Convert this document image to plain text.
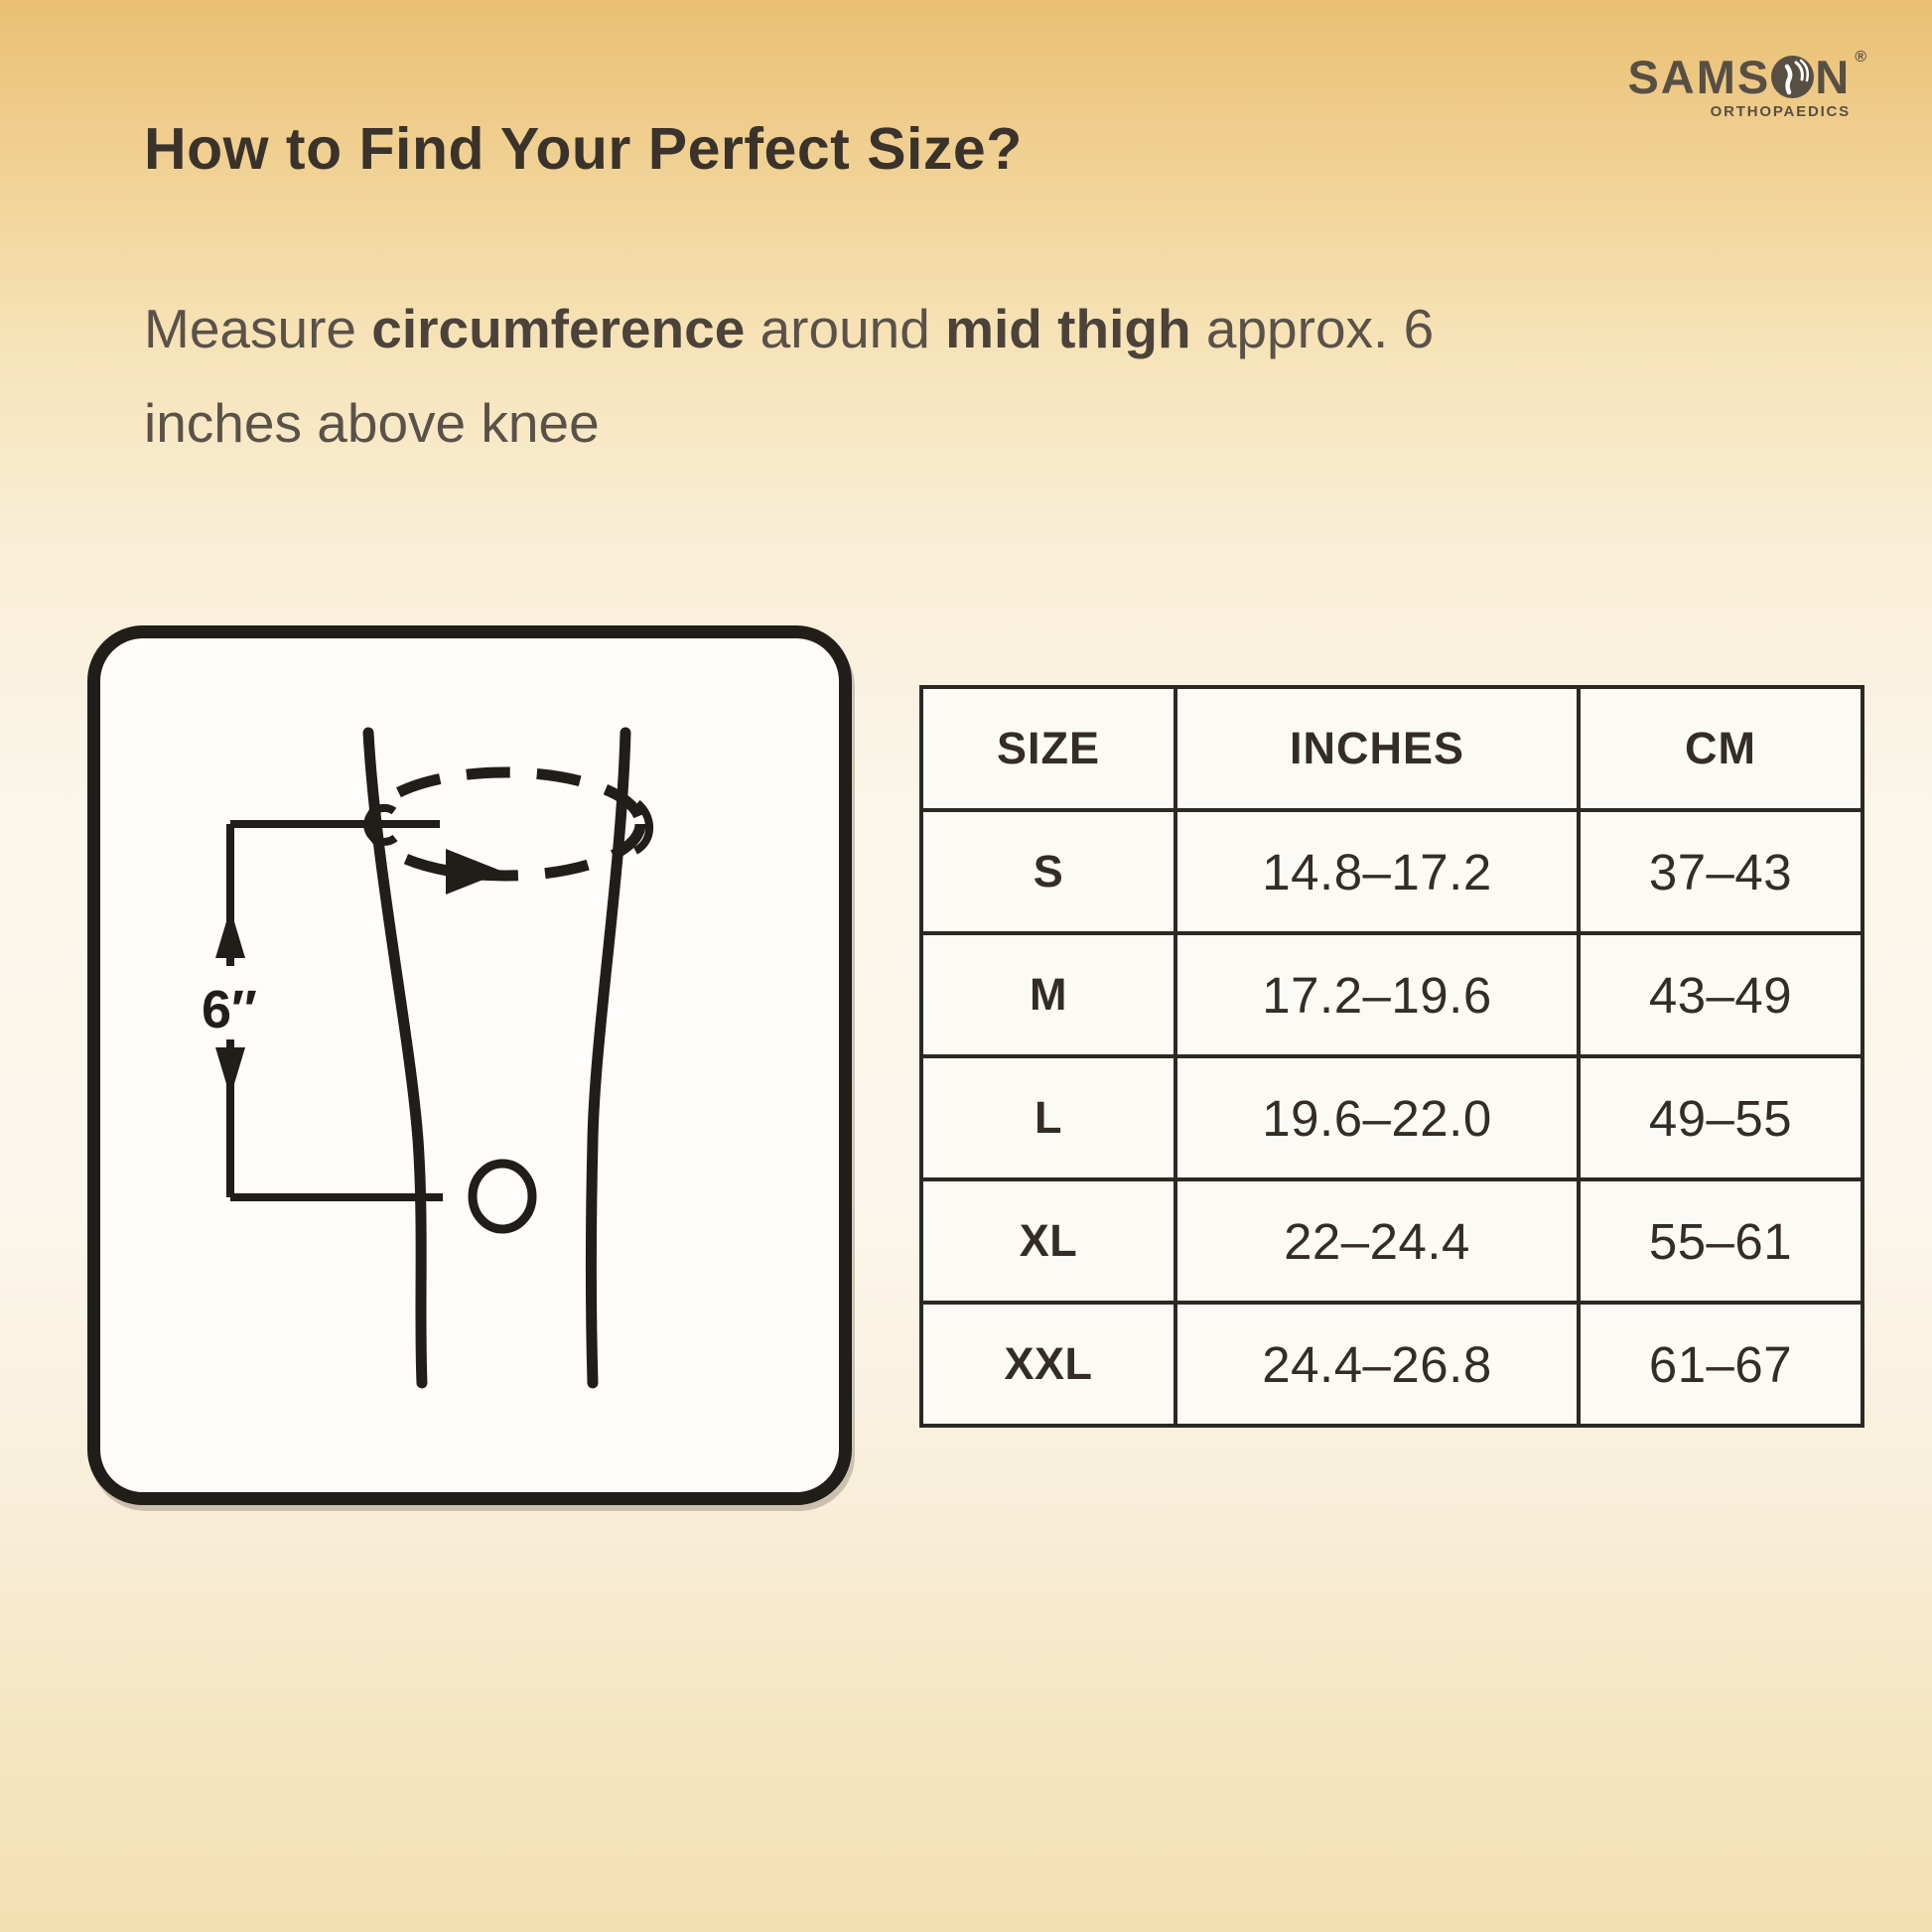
SAMS N ®
ORTHOPAEDICS
How to Find Your Perfect Size?

Measure circumference around mid thigh approx. 6
inches above knee

6″
SIZE	INCHES	CM
S	14.8–17.2	37–43
M	17.2–19.6	43–49
L	19.6–22.0	49–55
XL	22–24.4	55–61
XXL	24.4–26.8	61–67
